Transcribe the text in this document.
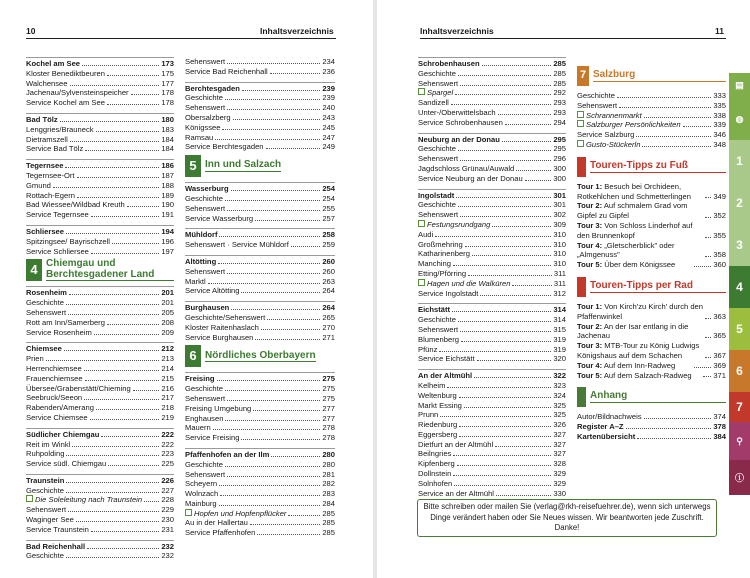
10	Inhaltsverzeichnis
Kochel am See	173
Kloster Benediktbeuren	175
Walchensee	177
Jachenau/Sylvensteinspeicher	178
Service Kochel am See	178
Bad Tölz	180
Lenggries/Brauneck	183
Dietramszell	184
Service Bad Tölz	184
Tegernsee	186
Tegernsee-Ort	187
Gmund	188
Rottach-Egern	189
Bad Wiessee/Wildbad Kreuth	190
Service Tegernsee	191
Schliersee	194
Spitzingsee/ Bayrischzell	196
Service Schliersee	197
4 Chiemgau und Berchtesgadener Land
Rosenheim	201
Geschichte	201
Sehenswert	205
Rott am Inn/Samerberg	208
Service Rosenheim	209
Chiemsee	212
Prien	213
Herrenchiemsee	214
Frauenchiemsee	215
Übersee/Grabenstätt/Chieming	216
Seebruck/Seeon	217
Rabenden/Amerang	218
Service Chiemsee	219
Südlicher Chiemgau	222
Reit im Winkl	222
Ruhpolding	223
Service südl. Chiemgau	225
Traunstein	226
Geschichte	227
Die Soleleitung nach Traunstein	228
Sehenswert	229
Waginger See	230
Service Traunstein	231
Bad Reichenhall	232
Geschichte	232
Sehenswert	234
Service Bad Reichenhall	236
Berchtesgaden	239
Geschichte	239
Sehenswert	240
Obersalzberg	243
Königssee	245
Ramsau	247
Service Berchtesgaden	249
5 Inn und Salzach
Wasserburg	254
Geschichte	254
Sehenswert	255
Service Wasserburg	257
Mühldorf	258
Sehenswert · Service Mühldorf	259
Altötting	260
Sehenswert	260
Marktl	263
Service Altötting	264
Burghausen	264
Geschichte/Sehenswert	265
Kloster Raitenhaslach	270
Service Burghausen	271
6 Nördliches Oberbayern
Freising	275
Geschichte	275
Sehenswert	275
Freising Umgebung	277
Enghausen	277
Mauern	278
Service Freising	278
Pfaffenhofen an der Ilm	280
Geschichte	280
Sehenswert	281
Scheyern	282
Wolnzach	283
Mainburg	284
Hopfen und Hopfenpflücker	285
Au in der Hallertau	285
Service Pfaffenhofen	285
Inhaltsverzeichnis	11
Schrobenhausen	285
Geschichte	285
Sehenswert	285
Spargel	292
Sandizell	293
Unter-/Oberwittelsbach	293
Service Schrobenhausen	294
Neuburg an der Donau	295
Geschichte	295
Sehenswert	296
Jagdschloss Grünau/Auwald	300
Service Neuburg an der Donau	300
Ingolstadt	301
Geschichte	301
Sehenswert	302
Festungsrundgang	309
Audi	310
Großmehring	310
Katharinenberg	310
Manching	310
Etting/Pförring	311
Hagen und die Walküren	311
Service Ingolstadt	312
Eichstätt	314
Geschichte	314
Sehenswert	315
Blumenberg	319
Pfünz	319
Service Eichstätt	320
An der Altmühl	322
Kelheim	323
Weltenburg	324
Markt Essing	325
Prunn	325
Riedenburg	326
Eggersberg	327
Dietfurt an der Altmühl	327
Beilngries	327
Kipfenberg	328
Dollnstein	329
Solnhofen	329
Service an der Altmühl	330
7 Salzburg
Geschichte	333
Sehenswert	335
Schrannenmarkt	338
Salzburger Persönlichkeiten	339
Service Salzburg	346
Gusto-Stückerln	348
Touren-Tipps zu Fuß
Tour 1: Besuch bei Orchideen, Rotkehlchen und Schmetterlingen	349
Tour 2: Auf schmalem Grad vom Gipfel zu Gipfel	352
Tour 3: Von Schloss Linderhof auf den Brunnenkopf	355
Tour 4: „Gletscherblick" oder „Almgenuss"	358
Tour 5: Über dem Königssee	360
Touren-Tipps per Rad
Tour 1: Von Kirch'zu Kirch' durch den Pfaffenwinkel	363
Tour 2: An der Isar entlang in die Jachenau	365
Tour 3: MTB-Tour zu König Ludwigs Königshaus auf dem Schachen	367
Tour 4: Auf dem Inn-Radweg	369
Tour 5: Auf dem Salzach-Radweg	371
Anhang
Autor/Bildnachweis	374
Register A–Z	378
Kartenübersicht	384
Bitte schreiben oder mailen Sie (verlag@rkh-reisefuehrer.de), wenn sich unterwegs Dinge verändert haben oder Sie Neues wissen. Wir beantworten jede Zuschrift. Danke!
▤
◍
1
2
3
4
5
6
7
⚲
ⓘ
